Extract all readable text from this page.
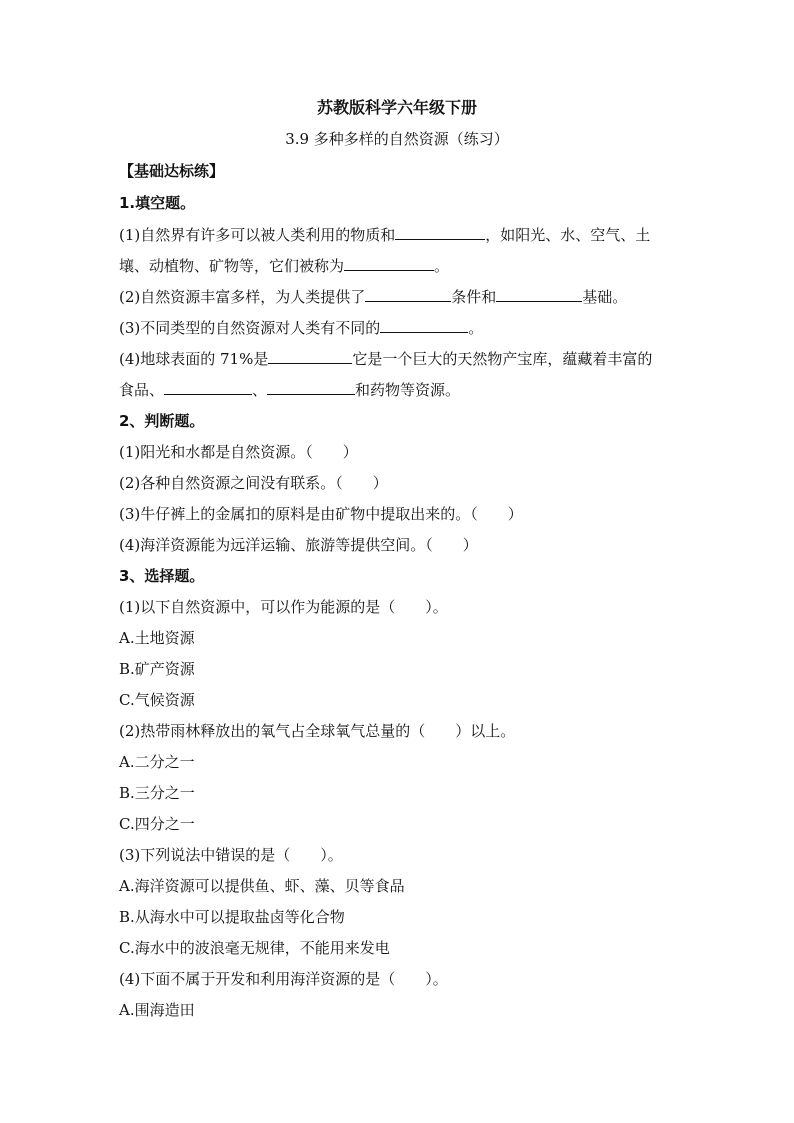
苏教版科学六年级下册
3.9 多种多样的自然资源（练习）
【基础达标练】
1.填空题。
(1)自然界有许多可以被人类利用的物质和	，如阳光、水、空气、土
壤、动植物、矿物等，它们被称为	。
(2)自然资源丰富多样，为人类提供了	条件和	基础。
(3)不同类型的自然资源对人类有不同的	。
(4)地球表面的 71%是	它是一个巨大的天然物产宝库，蕴藏着丰富的
食品、	、	和药物等资源。
2、判断题。
(1)阳光和水都是自然资源。（　　）
(2)各种自然资源之间没有联系。（　　）
(3)牛仔裤上的金属扣的原料是由矿物中提取出来的。（　　）
(4)海洋资源能为远洋运输、旅游等提供空间。（　　）
3、选择题。
(1)以下自然资源中，可以作为能源的是（　　）。
A.土地资源
B.矿产资源
C.气候资源
(2)热带雨林释放出的氧气占全球氧气总量的（　　）以上。
A.二分之一
B.三分之一
C.四分之一
(3)下列说法中错误的是（　　）。
A.海洋资源可以提供鱼、虾、藻、贝等食品
B.从海水中可以提取盐卤等化合物
C.海水中的波浪毫无规律，不能用来发电
(4)下面不属于开发和利用海洋资源的是（　　）。
A.围海造田
